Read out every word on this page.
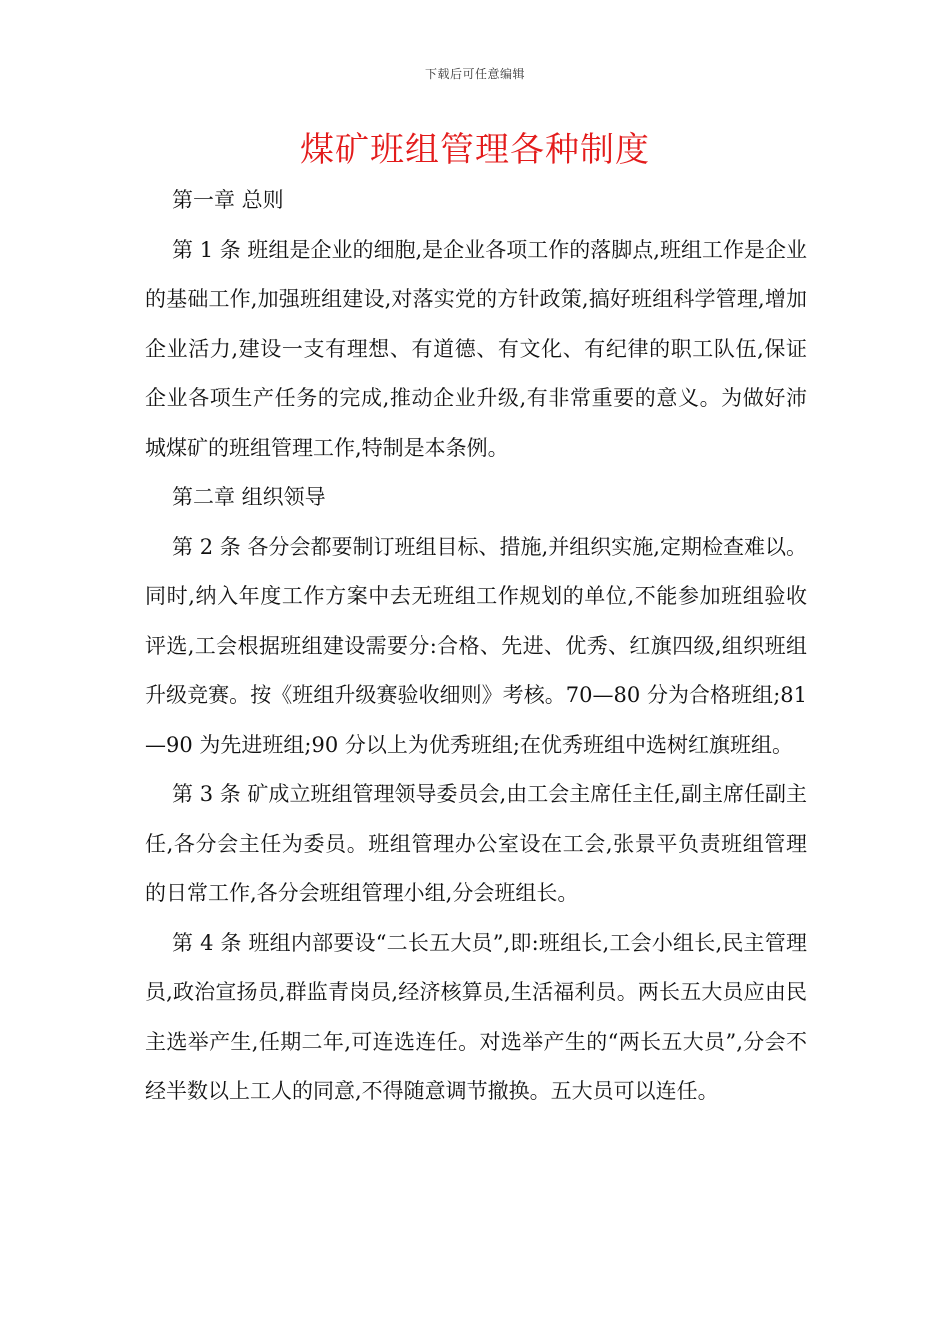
下载后可任意编辑
煤矿班组管理各种制度

第一章 总则

第 1 条 班组是企业的细胞,是企业各项工作的落脚点,班组工作是企业的基础工作,加强班组建设,对落实党的方针政策,搞好班组科学管理,增加企业活力,建设一支有理想、有道德、有文化、有纪律的职工队伍,保证企业各项生产任务的完成,推动企业升级,有非常重要的意义。为做好沛城煤矿的班组管理工作,特制是本条例。

第二章 组织领导

第 2 条 各分会都要制订班组目标、措施,并组织实施,定期检查难以。同时,纳入年度工作方案中去无班组工作规划的单位,不能参加班组验收评选,工会根据班组建设需要分:合格、先进、优秀、红旗四级,组织班组升级竞赛。按《班组升级赛验收细则》考核。70—80 分为合格班组;81—90 为先进班组;90 分以上为优秀班组;在优秀班组中选树红旗班组。

第 3 条 矿成立班组管理领导委员会,由工会主席任主任,副主席任副主任,各分会主任为委员。班组管理办公室设在工会,张景平负责班组管理的日常工作,各分会班组管理小组,分会班组长。

第 4 条 班组内部要设“二长五大员”,即:班组长,工会小组长,民主管理员,政治宣扬员,群监青岗员,经济核算员,生活福利员。两长五大员应由民主选举产生,任期二年,可连选连任。对选举产生的“两长五大员”,分会不经半数以上工人的同意,不得随意调节撤换。五大员可以连任。
